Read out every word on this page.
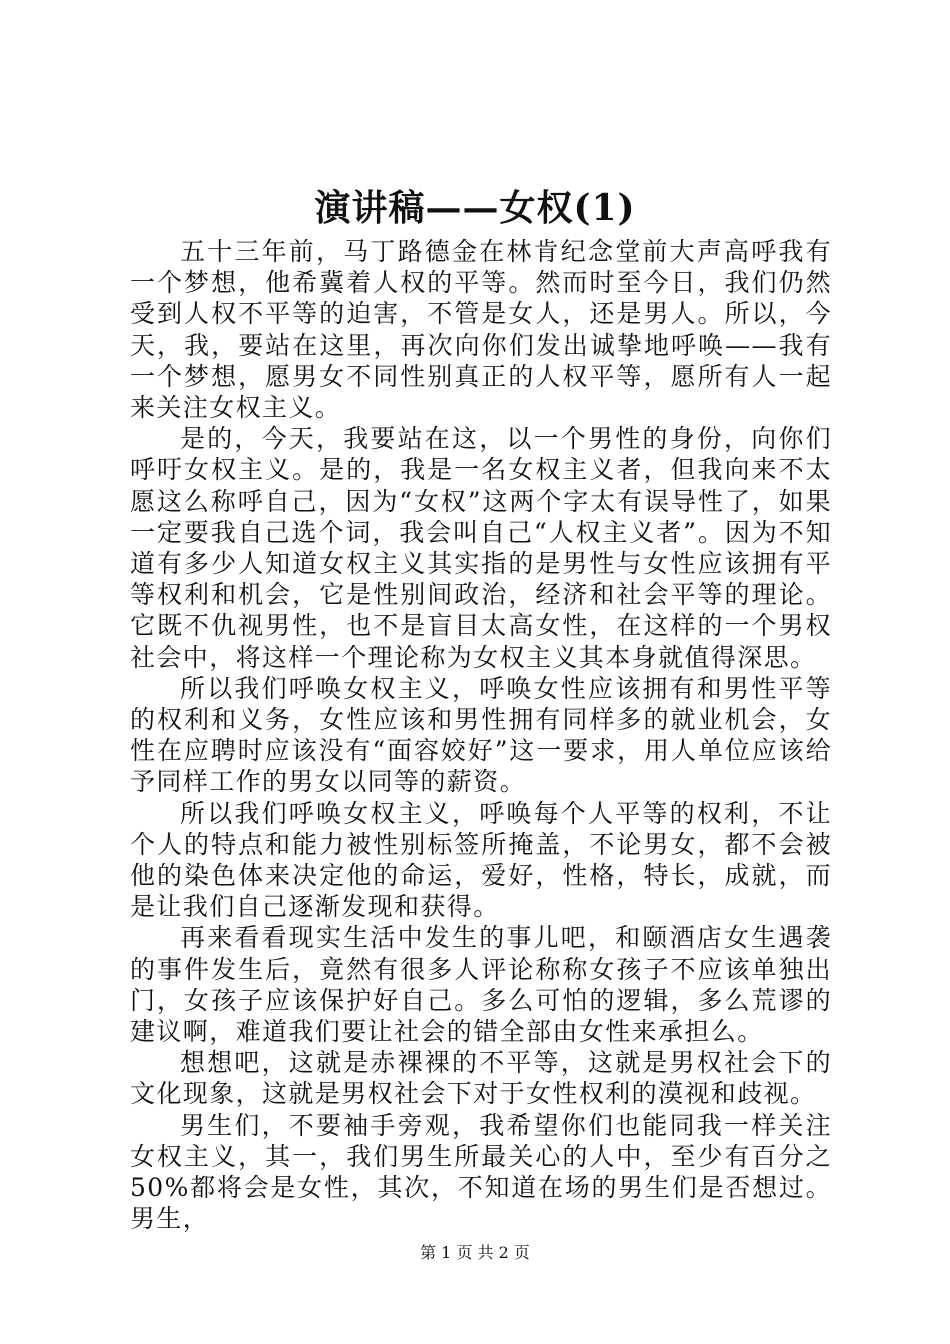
演讲稿——女权(1)

五十三年前，马丁路德金在林肯纪念堂前大声高呼我有一个梦想，他希冀着人权的平等。然而时至今日，我们仍然受到人权不平等的迫害，不管是女人，还是男人。所以，今天，我，要站在这里，再次向你们发出诚挚地呼唤——我有一个梦想，愿男女不同性别真正的人权平等，愿所有人一起来关注女权主义。

是的，今天，我要站在这，以一个男性的身份，向你们呼吁女权主义。是的，我是一名女权主义者，但我向来不太愿这么称呼自己，因为“女权”这两个字太有误导性了，如果一定要我自己选个词，我会叫自己“人权主义者”。因为不知道有多少人知道女权主义其实指的是男性与女性应该拥有平等权利和机会，它是性别间政治，经济和社会平等的理论。它既不仇视男性，也不是盲目太高女性，在这样的一个男权社会中，将这样一个理论称为女权主义其本身就值得深思。

所以我们呼唤女权主义，呼唤女性应该拥有和男性平等的权利和义务，女性应该和男性拥有同样多的就业机会，女性在应聘时应该没有“面容姣好”这一要求，用人单位应该给予同样工作的男女以同等的薪资。

所以我们呼唤女权主义，呼唤每个人平等的权利，不让个人的特点和能力被性别标签所掩盖，不论男女，都不会被他的染色体来决定他的命运，爱好，性格，特长，成就，而是让我们自己逐渐发现和获得。

再来看看现实生活中发生的事儿吧，和颐酒店女生遇袭的事件发生后，竟然有很多人评论称称女孩子不应该单独出门，女孩子应该保护好自己。多么可怕的逻辑，多么荒谬的建议啊，难道我们要让社会的错全部由女性来承担么。

想想吧，这就是赤裸裸的不平等，这就是男权社会下的文化现象，这就是男权社会下对于女性权利的漠视和歧视。

男生们，不要袖手旁观，我希望你们也能同我一样关注女权主义，其一，我们男生所最关心的人中，至少有百分之 50%都将会是女性，其次，不知道在场的男生们是否想过。男生，

第 1 页 共 2 页
